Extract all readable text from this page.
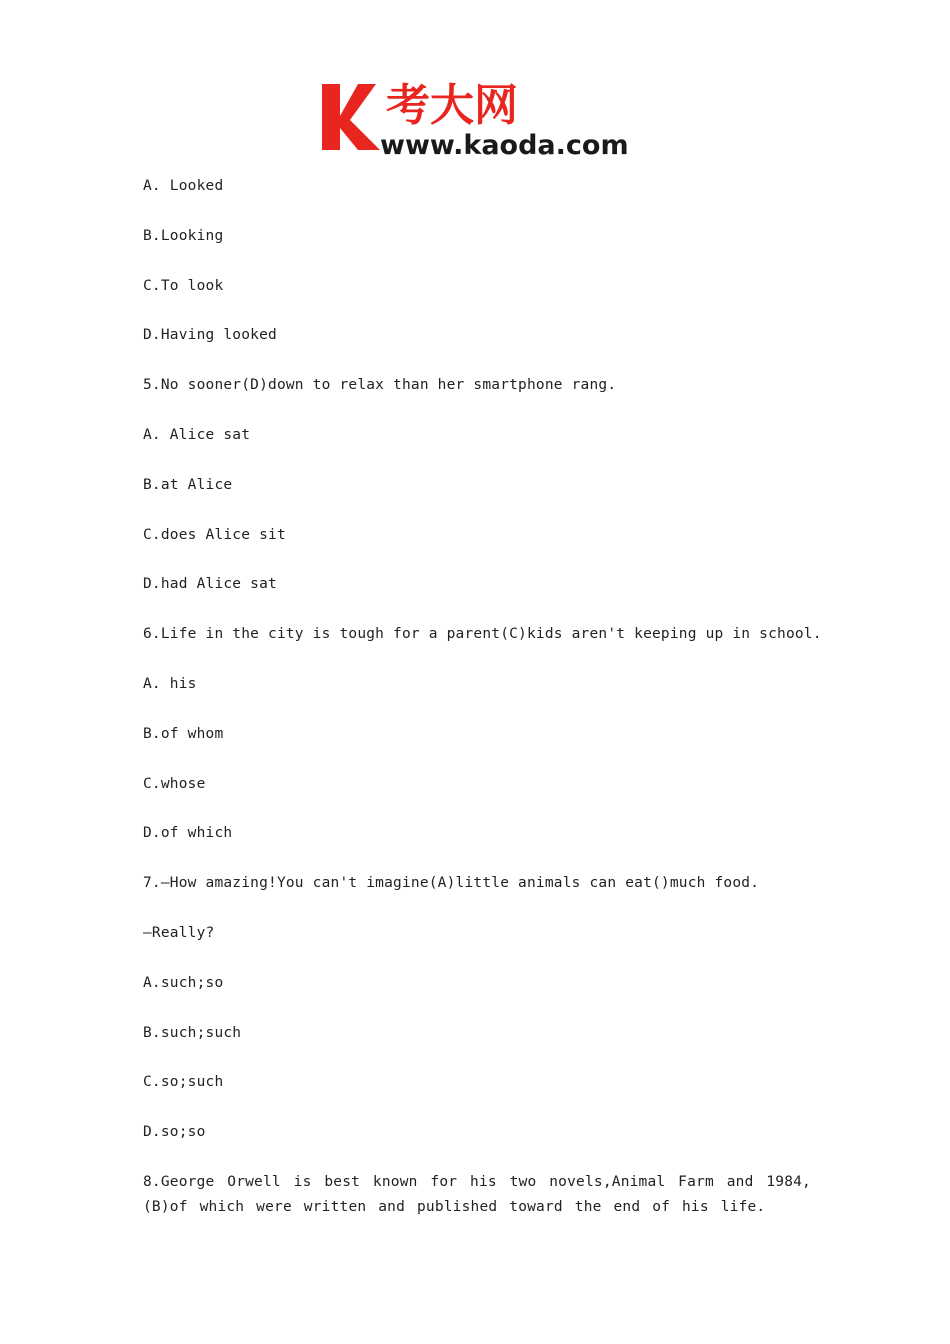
考大网
www.kaoda.com
A. Looked
B.Looking
C.To look
D.Having looked
5.No sooner(D)down to relax than her smartphone rang.
A. Alice sat
B.at Alice
C.does Alice sit
D.had Alice sat
6.Life in the city is tough for a parent(C)kids aren't keeping up in school.
A. his
B.of whom
C.whose
D.of which
7.—How amazing!You can't imagine(A)little animals can eat()much food.
—Really?
A.such;so
B.such;such
C.so;such
D.so;so
8.George Orwell is best known for his two novels,Animal Farm and 1984,(B)of which were written and published toward the end of his life.
